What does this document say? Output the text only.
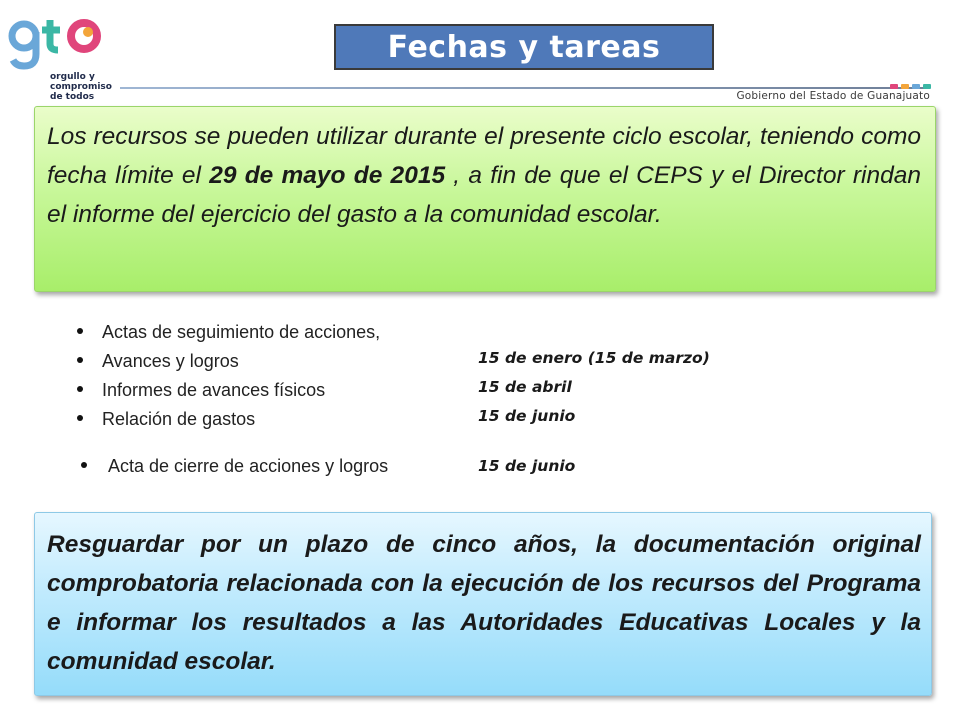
orgullo y
compromiso
de todos	Gobierno del Estado de Guanajuato
Fechas y tareas

Los recursos se pueden utilizar durante el presente ciclo escolar, teniendo como fecha límite el 29 de mayo de 2015 , a fin de que el CEPS y el Director rindan el informe del ejercicio del gasto a la comunidad escolar.

Actas de seguimiento de acciones,
Avances y logros
Informes de avances físicos
Relación de gastos
15 de enero (15 de marzo)
15 de abril
15 de junio
Acta de cierre de acciones y logros	15 de junio

Resguardar por un plazo de cinco años, la documentación original comprobatoria relacionada con la ejecución de los recursos del Programa e informar los resultados a las Autoridades Educativas Locales y la comunidad escolar.
